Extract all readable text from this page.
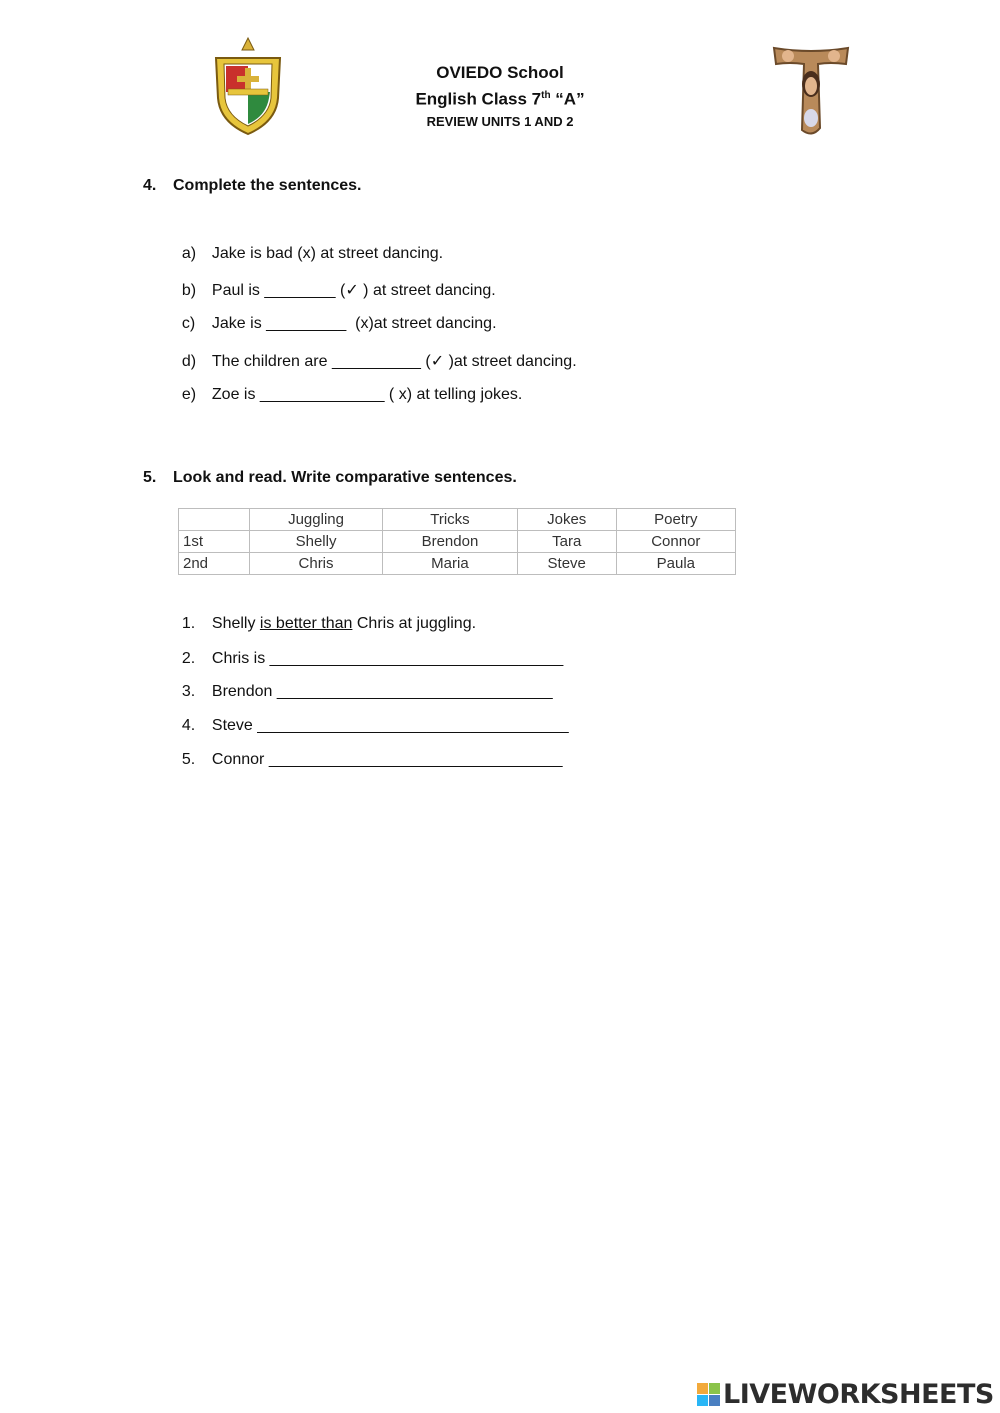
OVIEDO School
English Class 7th “A”
REVIEW UNITS 1 AND 2
4. Complete the sentences.

a) Jake is bad (x) at street dancing.

b) Paul is ________ (✓ ) at street dancing.

c) Jake is _________  (x)at street dancing.

d) The children are __________ (✓ )at street dancing.

e) Zoe is ______________ ( x) at telling jokes.

5. Look and read. Write comparative sentences.
	Juggling	Tricks	Jokes	Poetry
1st	Shelly	Brendon	Tara	Connor
2nd	Chris	Maria	Steve	Paula

1. Shelly is better than Chris at juggling.

2. Chris is _________________________________

3. Brendon _______________________________

4. Steve ___________________________________

5. Connor _________________________________

LIVEWORKSHEETS
